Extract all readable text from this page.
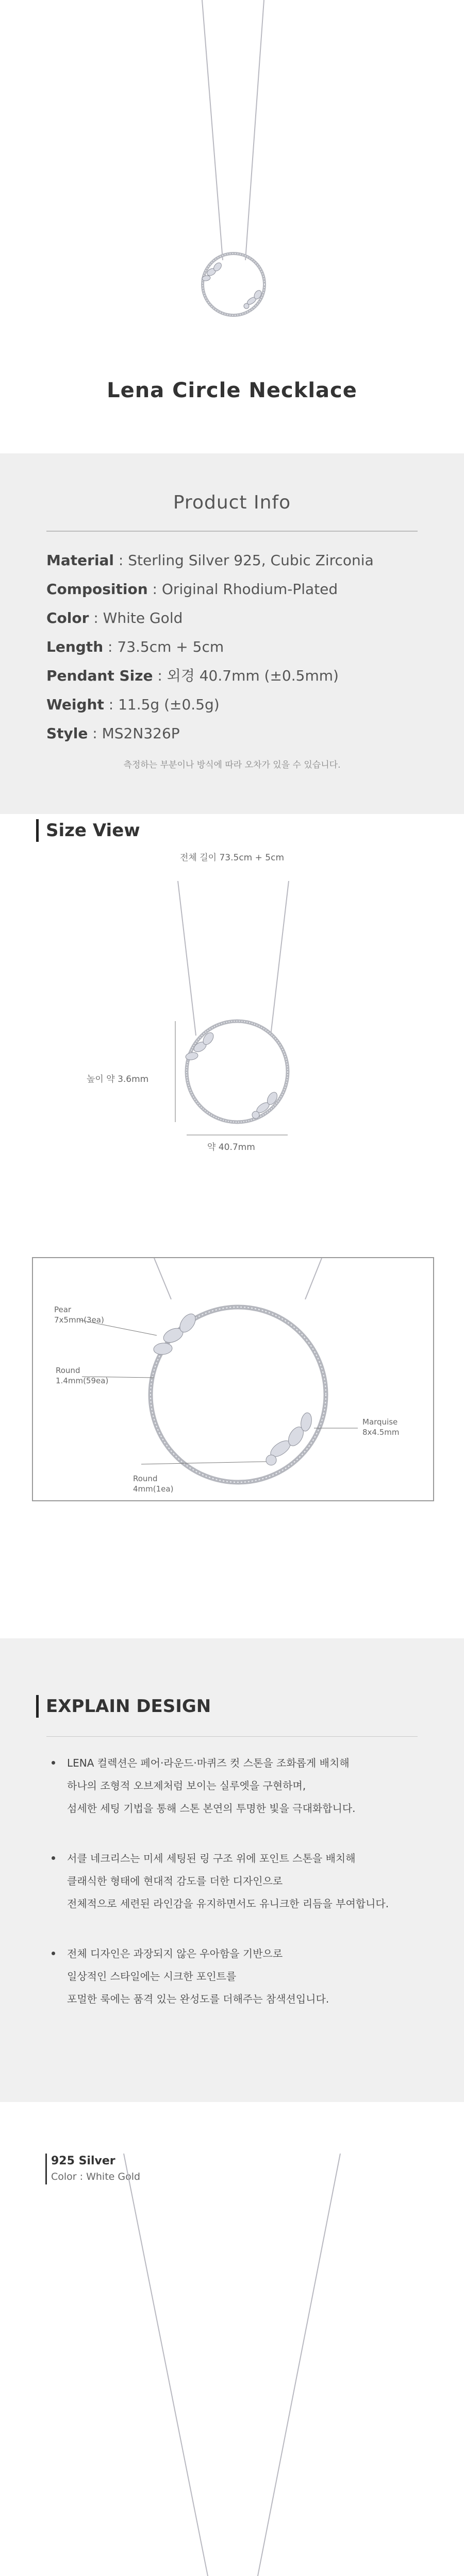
Lena Circle Necklace
Product Info
Material : Sterling Silver 925, Cubic Zirconia
Composition : Original Rhodium-Plated
Color : White Gold
Length : 73.5cm + 5cm
Pendant Size : 외경 40.7mm (±0.5mm)
Weight : 11.5g (±0.5g)
Style : MS2N326P
측정하는 부분이나 방식에 따라 오차가 있을 수 있습니다.
Size View
전체 길이 73.5cm + 5cm
높이 약 3.6mm
약 40.7mm
Pear
7x5mm(3ea)
Round
1.4mm(59ea)
Marquise
8x4.5mm
Round
4mm(1ea)
EXPLAIN DESIGN
LENA 컬렉션은 페어·라운드·마퀴즈 컷 스톤을 조화롭게 배치해
하나의 조형적 오브제처럼 보이는 실루엣을 구현하며,
섬세한 세팅 기법을 통해 스톤 본연의 투명한 빛을 극대화합니다.
서클 네크리스는 미세 세팅된 링 구조 위에 포인트 스톤을 배치해
클래식한 형태에 현대적 감도를 더한 디자인으로
전체적으로 세련된 라인감을 유지하면서도 유니크한 리듬을 부여합니다.
전체 디자인은 과장되지 않은 우아함을 기반으로
일상적인 스타일에는 시크한 포인트를
포멀한 룩에는 품격 있는 완성도를 더해주는 참색션입니다.
925 Silver
Color : White Gold
